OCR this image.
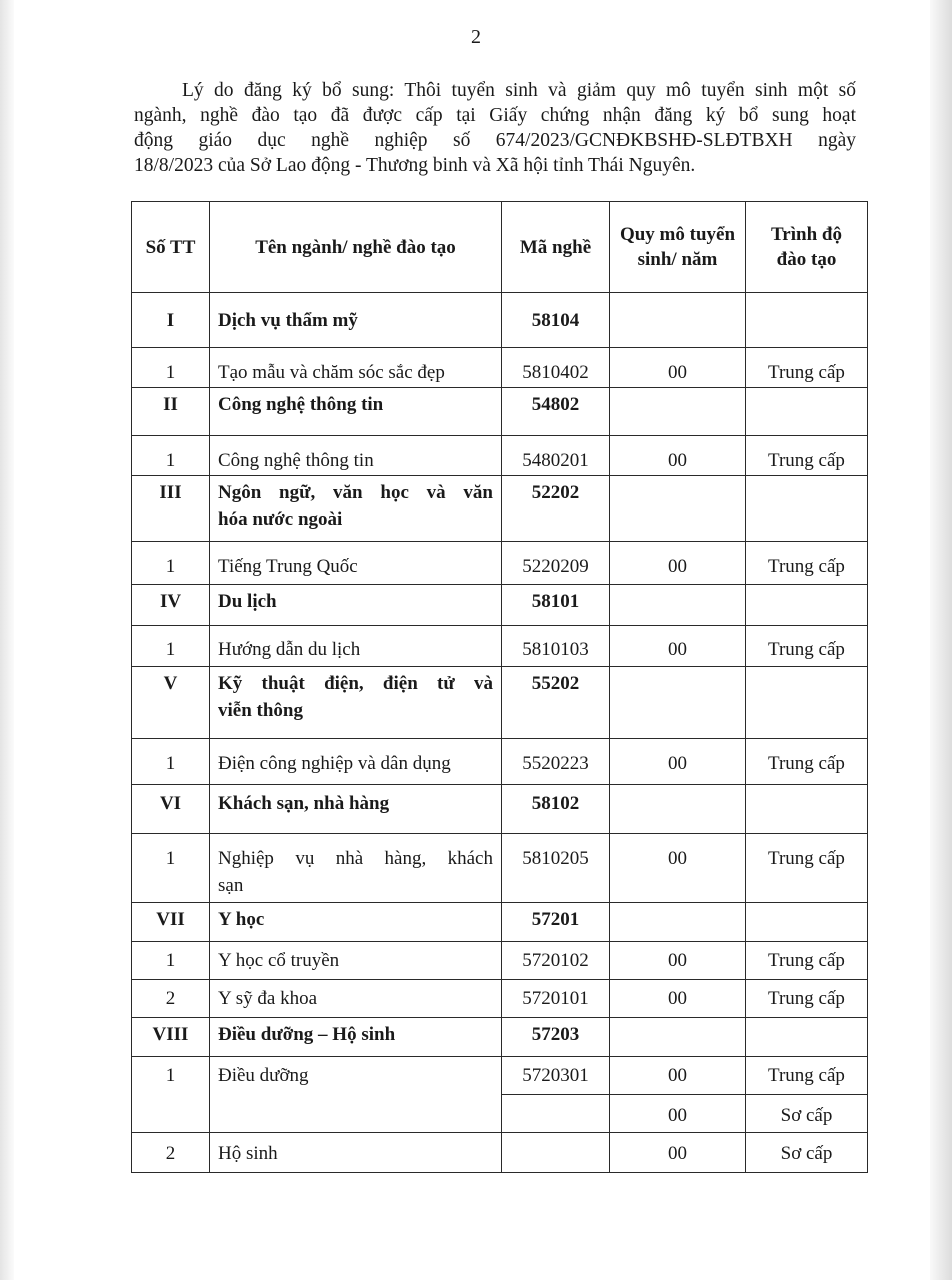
2

Lý do đăng ký bổ sung: Thôi tuyển sinh và giảm quy mô tuyển sinh một số
ngành, nghề đào tạo đã được cấp tại Giấy chứng nhận đăng ký bổ sung hoạt
động giáo dục nghề nghiệp số 674/2023/GCNĐKBSHĐ-SLĐTBXH ngày
18/8/2023 của Sở Lao động - Thương binh và Xã hội tỉnh Thái Nguyên.

Số TT	Tên ngành/ nghề đào tạo	Mã nghề	Quy mô tuyển sinh/ năm	Trình độ đào tạo
I	Dịch vụ thẩm mỹ	58104		
1	Tạo mẫu và chăm sóc sắc đẹp	5810402	00	Trung cấp
II	Công nghệ thông tin	54802		
1	Công nghệ thông tin	5480201	00	Trung cấp
III	Ngôn ngữ, văn học và văn
hóa nước ngoài	52202		
1	Tiếng Trung Quốc	5220209	00	Trung cấp
IV	Du lịch	58101		
1	Hướng dẫn du lịch	5810103	00	Trung cấp
V	Kỹ thuật điện, điện tử và
viễn thông	55202		
1	Điện công nghiệp và dân dụng	5520223	00	Trung cấp
VI	Khách sạn, nhà hàng	58102		
1	Nghiệp vụ nhà hàng, khách
sạn	5810205	00	Trung cấp
VII	Y học	57201		
1	Y học cổ truyền	5720102	00	Trung cấp
2	Y sỹ đa khoa	5720101	00	Trung cấp
VIII	Điều dưỡng – Hộ sinh	57203		
1	Điều dưỡng	5720301	00	Trung cấp
			00	Sơ cấp
2	Hộ sinh		00	Sơ cấp
